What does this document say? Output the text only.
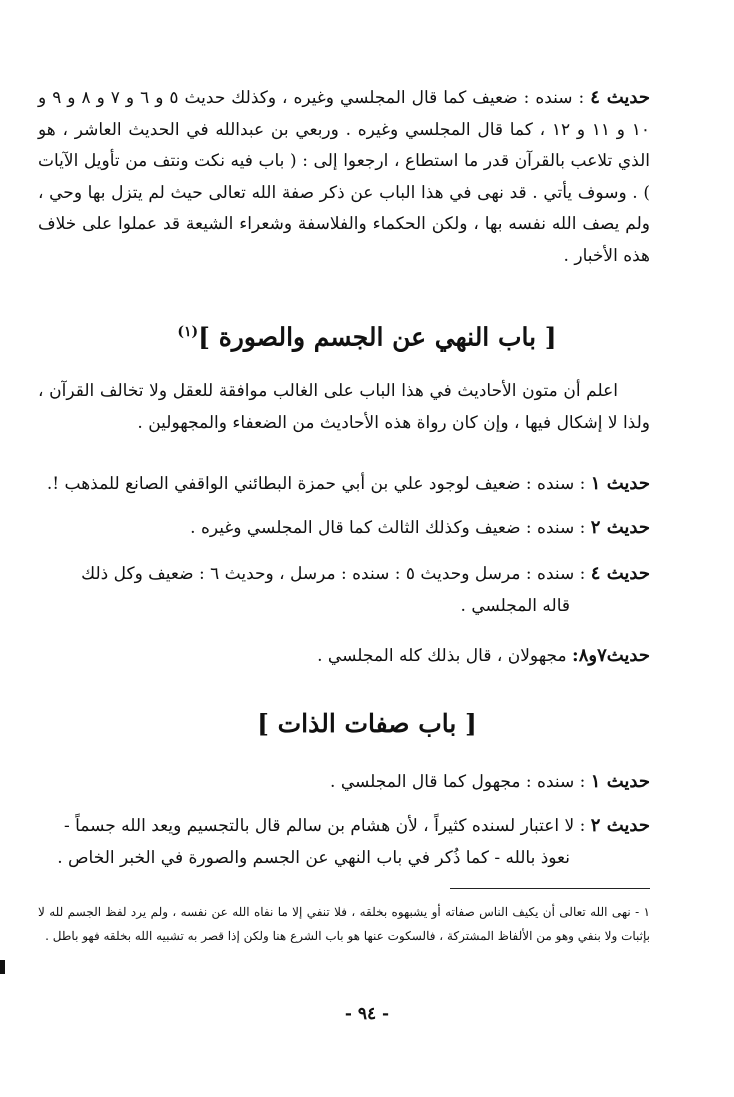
حديث ٤ : سنده : ضعيف كما قال المجلسي وغيره ، وكذلك حديث ٥ و ٦ و ٧ و ٨ و ٩ و ١٠ و ١١ و ١٢ ، كما قال المجلسي وغيره . وربعي بن عبدالله في الحديث العاشر ، هو الذي تلاعب بالقرآن قدر ما استطاع ، ارجعوا إلى : ( باب فيه نكت ونتف من تأويل الآيات ) . وسوف يأتي . قد نهى في هذا الباب عن ذكر صفة الله تعالى حيث لم يتزل بها وحي ، ولم يصف الله نفسه بها ، ولكن الحكماء والفلاسفة وشعراء الشيعة قد عملوا على خلاف هذه الأخبار .
[ باب النهي عن الجسم والصورة ]$^{(١)}$
اعلم أن متون الأحاديث في هذا الباب على الغالب موافقة للعقل ولا تخالف القرآن ، ولذا لا إشكال فيها ، وإن كان رواة هذه الأحاديث من الضعفاء والمجهولين .
حديث ١ : سنده : ضعيف لوجود علي بن أبي حمزة البطائني الواقفي الصانع للمذهب !.
حديث ٢ : سنده : ضعيف وكذلك الثالث كما قال المجلسي وغيره .
حديث ٤ : سنده : مرسل وحديث ٥ : سنده : مرسل ، وحديث ٦ : ضعيف وكل ذلك
قاله المجلسي .
حديث٧و٨: مجهولان ، قال بذلك كله المجلسي .
[ باب صفات الذات ]
حديث ١ : سنده : مجهول كما قال المجلسي .
حديث ٢ : لا اعتبار لسنده كثيراً ، لأن هشام بن سالم قال بالتجسيم ويعد الله جسماً -
نعوذ بالله - كما ذُكر في باب النهي عن الجسم والصورة في الخبر الخاص .
١ - نهى الله تعالى أن يكيف الناس صفاته أو يشبهوه بخلقه ، فلا تنفي إلا ما نفاه الله عن نفسه ، ولم يرد لفظ الجسم لله لا بإثبات ولا بنفي وهو من الألفاظ المشتركة ، فالسكوت عنها هو باب الشرع هنا ولكن إذا قصر به تشبيه الله بخلقه فهو باطل .
- ٩٤ -
